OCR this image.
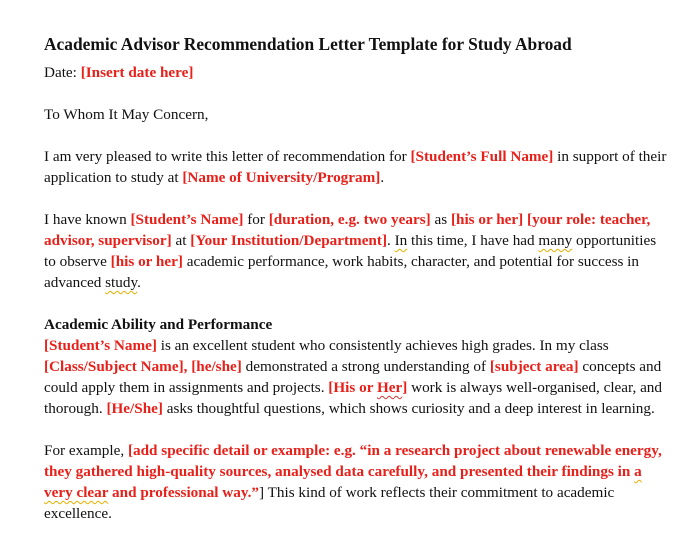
Academic Advisor Recommendation Letter Template for Study Abroad

Date: [Insert date here]

To Whom It May Concern,

I am very pleased to write this letter of recommendation for [Student’s Full Name] in support of their application to study at [Name of University/Program].

I have known [Student’s Name] for [duration, e.g. two years] as [his or her] [your role: teacher, advisor, supervisor] at [Your Institution/Department]. In this time, I have had many opportunities to observe [his or her] academic performance, work habits, character, and potential for success in advanced study.

Academic Ability and Performance
[Student’s Name] is an excellent student who consistently achieves high grades. In my class [Class/Subject Name], [he/she] demonstrated a strong understanding of [subject area] concepts and could apply them in assignments and projects. [His or Her] work is always well-organised, clear, and thorough. [He/She] asks thoughtful questions, which shows curiosity and a deep interest in learning.

For example, [add specific detail or example: e.g. “in a research project about renewable energy, they gathered high-quality sources, analysed data carefully, and presented their findings in a very clear and professional way.”] This kind of work reflects their commitment to academic excellence.
